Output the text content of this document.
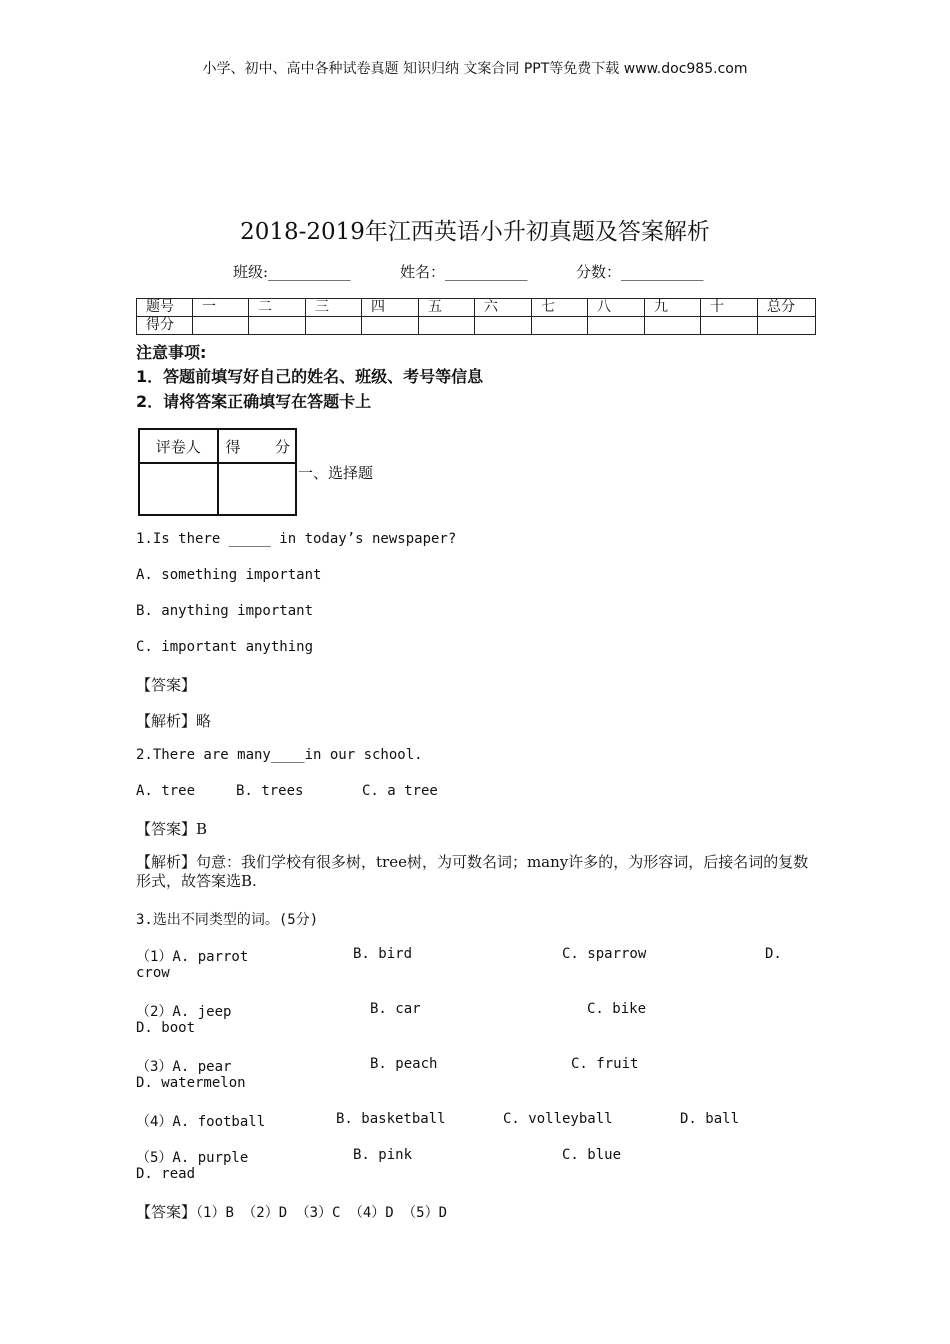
小学、初中、高中各种试卷真题 知识归纳 文案合同 PPT等免费下载 www.doc985.com
2018-2019年江西英语小升初真题及答案解析
班级:___________	姓名：___________	分数：___________
题号	一	二	三	四	五	六	七	八	九	十	总分
得分											
注意事项:
1．答题前填写好自己的姓名、班级、考号等信息
2．请将答案正确填写在答题卡上
评卷人	得 分

一、选择题
1.Is there _____ in today’s newspaper?
A. something important
B. anything important
C. important anything
【答案】
【解析】略
2.There are many____in our school.
A. tree	B. trees	C. a tree
【答案】B
【解析】句意：我们学校有很多树，tree树，为可数名词；many许多的，为形容词，后接名词的复数形式，故答案选B.
3.选出不同类型的词。(5分)
（1）A. parrot	B. bird	C. sparrow	D.
crow
（2）A. jeep	B. car	C. bike
D. boot
（3）A. pear	B. peach	C. fruit
D. watermelon
（4）A. football	B. basketball	C. volleyball	D. ball
（5）A. purple	B. pink	C. blue
D. read
【答案】（1）B （2）D （3）C （4）D （5）D
